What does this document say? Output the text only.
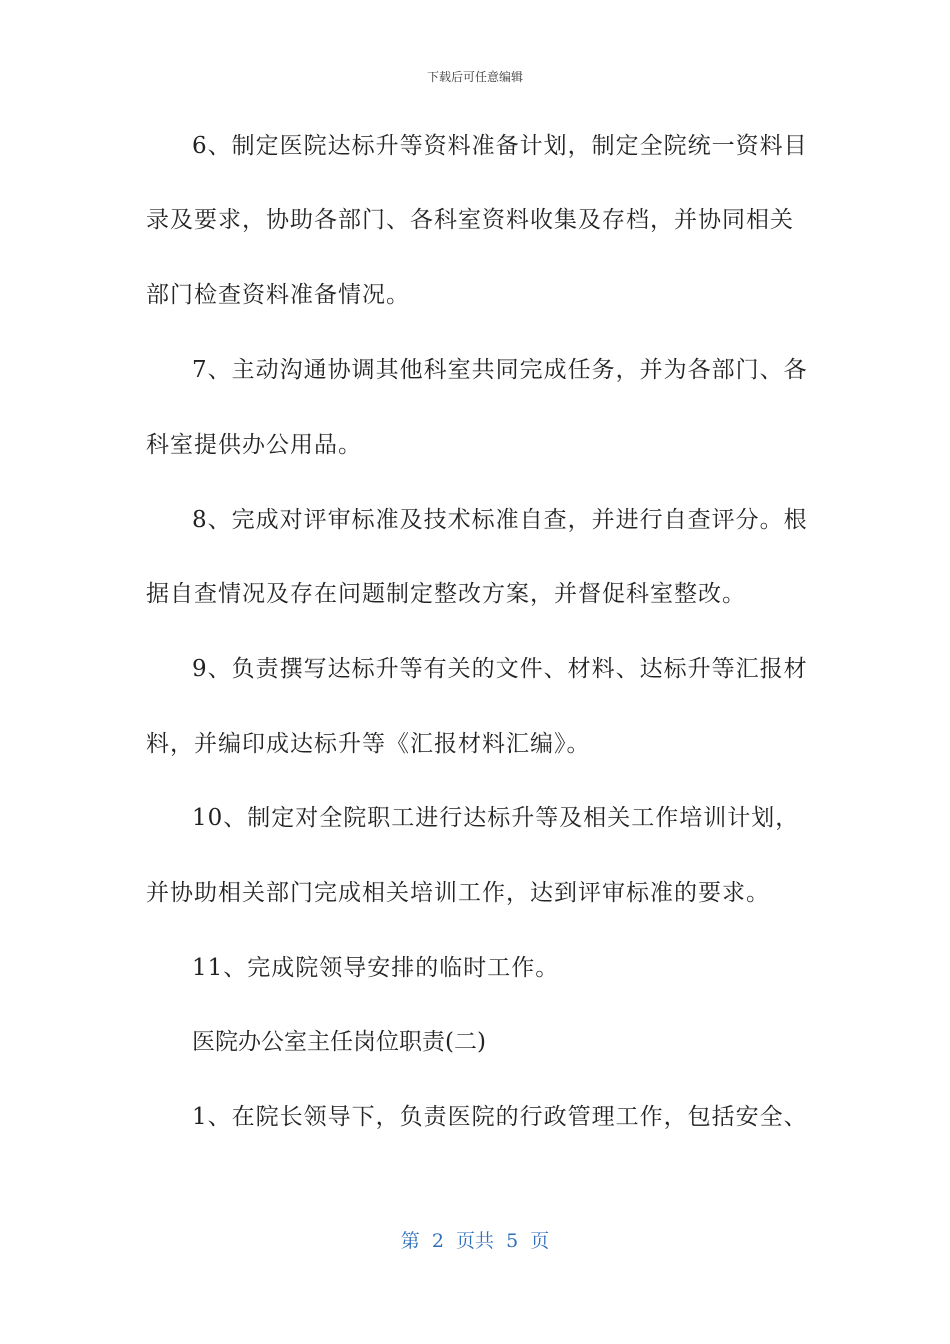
下载后可任意编辑
6、制定医院达标升等资料准备计划，制定全院统一资料目
录及要求，协助各部门、各科室资料收集及存档，并协同相关
部门检查资料准备情况。
7、主动沟通协调其他科室共同完成任务，并为各部门、各
科室提供办公用品。
8、完成对评审标准及技术标准自查，并进行自查评分。根
据自查情况及存在问题制定整改方案，并督促科室整改。
9、负责撰写达标升等有关的文件、材料、达标升等汇报材
料，并编印成达标升等《汇报材料汇编》。
10、制定对全院职工进行达标升等及相关工作培训计划，
并协助相关部门完成相关培训工作，达到评审标准的要求。
11、完成院领导安排的临时工作。
医院办公室主任岗位职责(二)
1、在院长领导下，负责医院的行政管理工作，包括安全、
第  2  页共  5  页
